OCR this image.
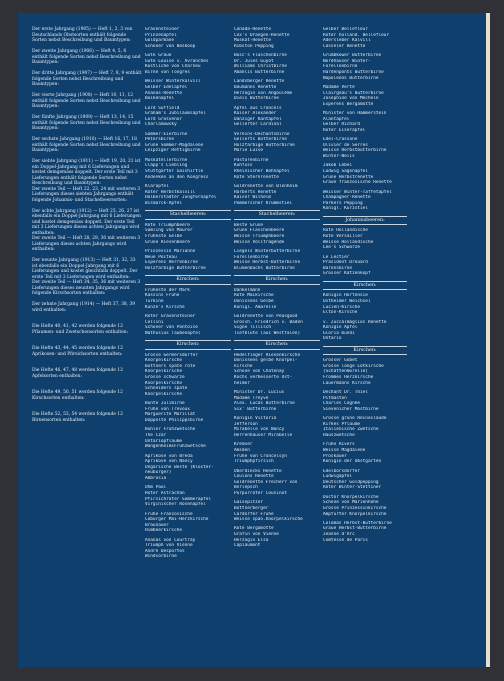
Der erste Jahrgang (1905) — Heft 1, 2, 3 von Deutschlands Obstsorten enthält folgende Sorten nebst Beschreibung und Baumtypen:

Der zweite Jahrgang (1906) — Heft 4, 5, 6 enthält folgende Sorten nebst Beschreibung und Baumtypen:

Der dritte Jahrgang (1907) — Heft 7, 8, 9 enthält folgende Sorten nebst Beschreibung und Baumtypen:

Der vierte Jahrgang (1908) — Heft 10, 11, 12 enthält folgende Sorten nebst Beschreibung und Baumtypen:

Der fünfte Jahrgang (1909) — Heft 13, 14, 15 enthält folgende Sorten nebst Beschreibung und Baumtypen:

Der sechste Jahrgang (1910) — Heft 16, 17, 18 enthält folgende Sorten nebst Beschreibung und Baumtypen:

Der siebte Jahrgang (1911) — Heft 19, 20, 21 ist ein Doppel-Jahrgang mit 6 Lieferungen und kostet demgemäss doppelt. Der erste Teil mit 3 Lieferungen enthält folgende Sorten nebst Beschreibung und Baumtypen:

Der zweite Teil — Heft 22, 23, 24 mit weiteren 3 Lieferungen dieses siebten Jahrgangs enthält folgende Johannis- und Stachelbeersorten:

Der achte Jahrgang (1912) — Heft 25, 26, 27 ist ebenfalls ein Doppel-Jahrgang mit 6 Lieferungen und kostet demgemäss doppelt. Der erste Teil mit 3 Lieferungen dieses achten Jahrgangs wird enthalten:

Der zweite Teil — Heft 28, 29, 30 mit weiteren 3 Lieferungen dieses achten Jahrgangs wird enthalten:

Der neunte Jahrgang (1913) — Heft 31, 32, 33 ist ebenfalls ein Doppel-Jahrgang mit 6 Lieferungen und kostet gleichfalls doppelt. Der erste Teil mit 3 Lieferungen wird enthalten:

Der zweite Teil — Heft 34, 35, 36 mit weiteren 3 Lieferungen dieses neunten Jahrgangs wird folgende Kirschsorten enthalten:

Der zehnte Jahrgang (1914) — Heft 37, 38, 39 wird enthalten:

Die Hefte 40, 41, 42 werden folgende 12 Pflaumen- und Zwetschensorten enthalten:

Die Hefte 43, 44, 45 werden folgende 12 Aprikosen- und Pfirsichsorten enthalten:

Die Hefte 46, 47, 48 werden folgende 12 Apfelsorten enthalten:

Die Hefte 49, 50, 51 werden folgende 12 Kirschsorten enthalten:

Die Hefte 52, 53, 54 werden folgende 12 Birnensorten enthalten:

Gravensteiner
Prinzenapfel
Goldparmäne
Schöner von Boskoop
Gute Graue
Gute Louise v. Avranches
Köstliche von Charneu
Birne von Tongres
Weisser Winterkalvill
Gelber Edelapfel
Ananas-Renette
Boikenapfel
Lord Suffield
Graham's Jubiläumsapfel
Lord Grosvenor
Charlamowsky
Sommer-Eierbirne
Petersbirne
Grüne Sommer-Magdalene
Leipziger Rettigbirne
Muskatellerbirne
Clapp's Liebling
Stuttgarter Gaishirtle
Andenken an den Kongress
Klarapfel
Roter Herbstkalvill
Halberstädter Jungfernapfel
Bismarck-Apfel
Stachelbeeren:
Rote Triumphbeere
Sämling von Maurer
Früheste Gelbe
Grüne Riesenbeere
Prinzessin Marianne
Neue Poiteau
Esperens Herrenbirne
Holzfarbige Butterbirne
Kirschen:
Früheste der Mark
Kassins Frühe
Türkine
Kunze's Kirsche
Roter Gravensteiner
Cellini
Schöner von Pontoise
Nathusius Taubenapfel
Kirschen:
Grosse Germersdorfer
Knorpelkirsche
Büttners späte rote
Knorpelkirsche
Grosse schwarze
Knorpelkirsche
Schneiders späte
Knorpelkirsche
Bunte Julibirne
Frühe von Trevoux
Marguerite Marillat
Doppelte Philippsbirne
Bühler Frühzwetsche
The Czar
Ontariopflaume
WangenheimsFrühzwetsche
Aprikose von Breda
Aprikose von Nancy
Ungarische Beste (Kloster-
neuburger)
Ambrosia
Ohm Paul
Roter Astrachan
Pfirsichroter Sommerapfel
Virginischer Rosenapfel
Frühe Französische
Coburger Mai-Herzkirsche
Braunauer
Himbeerkirsche
Ananas von Courtray
Triumph von Vienne
André Desportes
Windsorbirne
Canada-Renette
Cox's Orangen-Renette
Muskat-Renette
Ribston Pepping
Bosc's Flaschenbirne
Dr. Jules Guyot
Williams Christbirne
Amanlis Butterbirne
Landsberger Renette
Baumanns Renette
Herzogin von Angoulême
Diels Butterbirne
Apfel aus Croncels
Kaiser Alexander
Danziger Kantapfel
Gellerter Cardinal
Vereins-Dechantsbirne
Gellerts Butterbirne
Holzfarbige Butterbirne
Marie Luise
Pastorenbirne
Kuhfuss
Rheinischer Bohnapfel
Rote Sternrenette
Goldrenette von Blenheim
Harberts Renette
Kaiser Wilhelm
Pommerscher Krummstiel
Stachelbeeren:
Beste Grüne
Grüne Flaschenbeere
Weisse Triumphbeere
Weisse Volltragende
Liegels Winterbutterbirne
Forellenbirne
Weisse Herbst-Butterbirne
Blumenbachs Butterbirne
Kirschen:
Dankelmann
Rote Maikirsche
Dönissens Gelbe
Königl. Amarelle
Goldrenette von Peasgood
Grossh. Friedrich v. Baden
Signe Tillisch
Tiefblüte (aus Westfalen)
Kirschen:
Hedelfinger Riesenkirsche
Dönissens gelbe Knorpel-
kirsche
Schöne von Chatenay
Kochs verbesserte Ost-
heimer
Minister Dr. Lucius
Madame Treyve
Alex. Lucas Butterbirne
Six' Butterbirne
Königin Victoria
Jefferson
Mirabelle von Nancy
Herrenhäuser Mirabelle
Kremser
Amsden
Frühe von Croncelsyn
Triumphpfirsich
Oberdiecks Renette
Coulons Renette
Goldrenette Freiherr von
Berlepsch
Purpurroter Cousinot
Gaisepitzer
Bottnerberger
Cardorfer Frühe
Weisse span.Knorpelkirsche
Rote Bergamotte
Gräfin von Vienne
Herzogin Elsa
Capiaumont
Gelber Bellefleur
Roter holländ. Bellefleur
Adersleber Kalvill
Casseler Renette
Grumbkower Butterbirne
Nordhäuser Winter-
Forellenbirne
Hardenponts Butterbirne
Napoleons Butterbirne
Madame Verté
Clairgeau's Butterbirne
Josephine von Mecheln
Esperens Bergamotte
Minister von Hammerstein
Alantapfel
Gelber Richard
Roter Eiserapfel
Edel-Crassane
Olivier de Serres
Weisse Herbstbutterbirne
Winter-Nelis
Jakob Lebel
Lodwig Sagenapfel
Grüne Herbstrenette
Graue französische Renette
Weisser Winter-Taffetapfel
Champagner-Renette
Parkers Pepping
Königl. Kurzstiel
Johannisbeeren:
Rote Holländische
Rote Versailler
Weisse Holländische
Lee's Schwarze
Le Lectier
Präsident Drouard
Baronsbirne
Grosser Katzenkopf
Kirschen:
Königin Hortensie
Ostheimer Weichsel
Lucien-Kirsche
Elton-Kirsche
v. Zuccalmaglios Renette
Königin Apfel
Gloria mundi
Ontario
Kirschen:
Grosser Gobet
Grosse lange Lotkirsche
(Schattenmorelle)
Frommes Herzkirsche
Lauermanns Kirsche
Dechant Dr. Thiel
Pitmaston
Charles Cognée
Sievenicher Mostbirne
Grosse grüne Reineclaude
Kirkes Pflaume
Italienische Zwetsche
Hauszwetsche
Frühe Rivers
Weisse Magdalene
Proskauer
Königin der Obstgärten
Edelborsdorfer
Ludwigapfel
Deutscher Goldpepping
Roter Winter-Stettiner
Doctor Knorpelkirsche
Schöne von Marienhöhe
Grosse Prinzessinkirsche
Ampfurter Knorpelkirsche
Colomas Herbst-Butterbirne
Graue Herbst-Butterbirne
Jeanne d'Arc
Comtesse de Paris
